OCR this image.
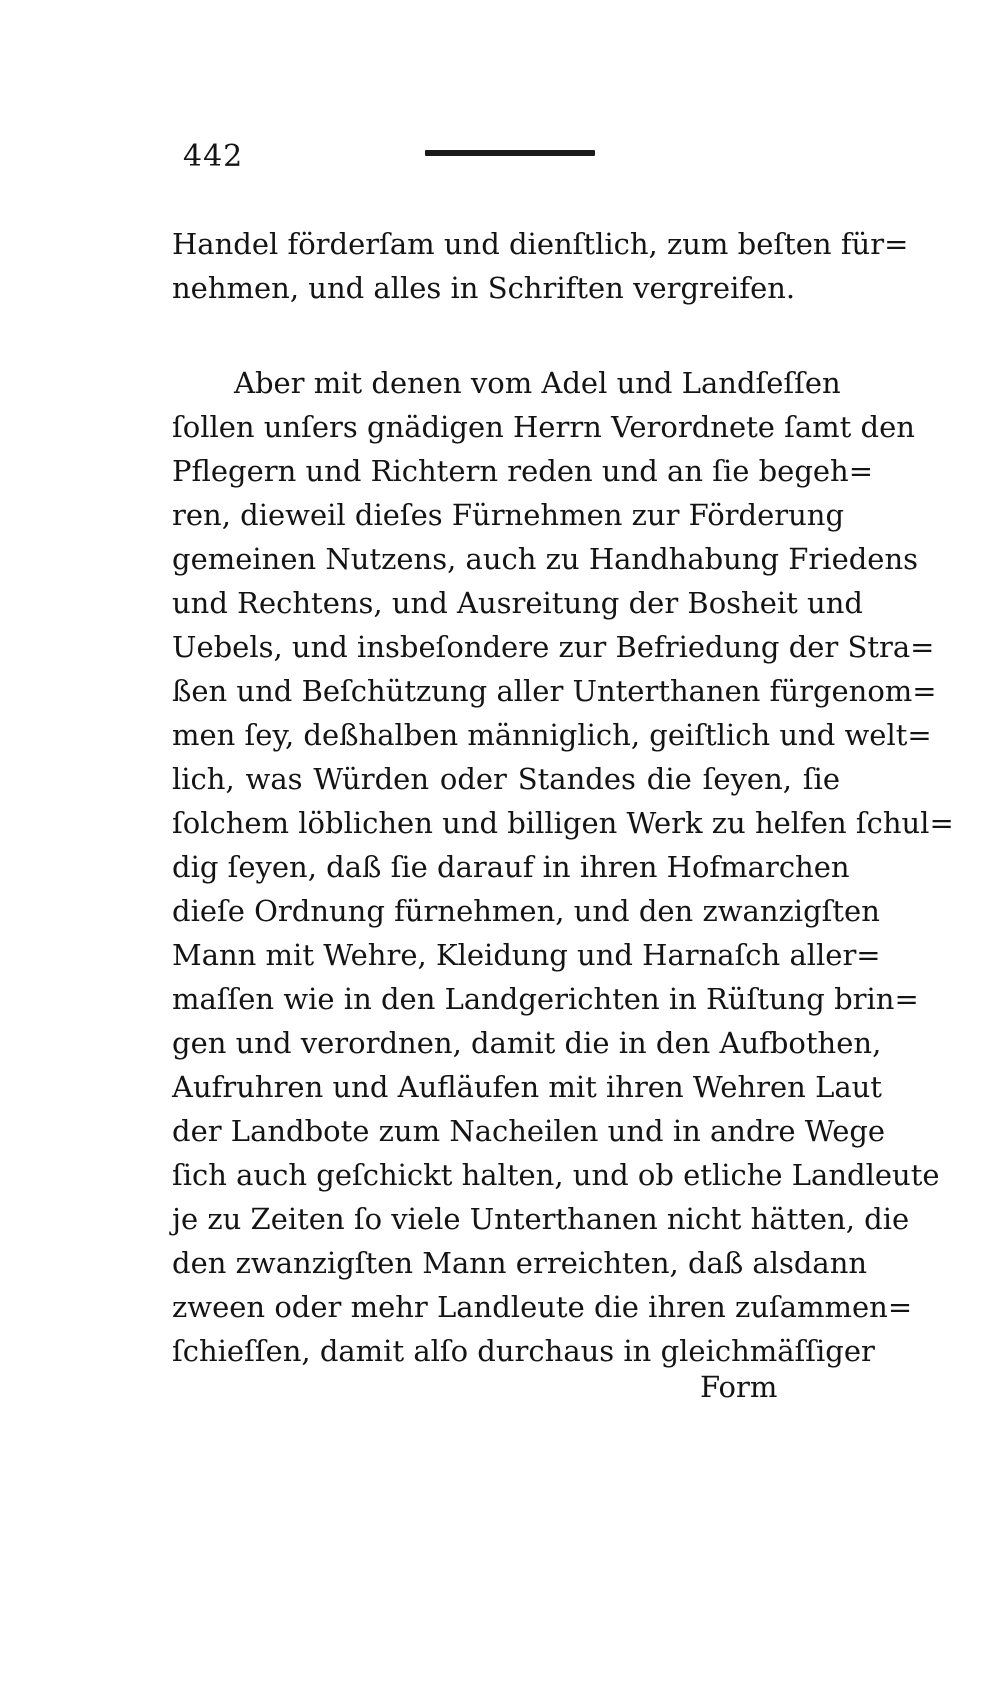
442
Handel förderſam und dienſtlich, zum beſten für=
nehmen, und alles in Schriften vergreifen.
Aber mit denen vom Adel und Landſeſſen
ſollen unſers gnädigen Herrn Verordnete ſamt den
Pflegern und Richtern reden und an ſie begeh=
ren, dieweil dieſes Fürnehmen zur Förderung
gemeinen Nutzens, auch zu Handhabung Friedens
und Rechtens, und Ausreitung der Bosheit und
Uebels, und insbeſondere zur Befriedung der Stra=
ßen und Beſchützung aller Unterthanen fürgenom=
men ſey, deßhalben männiglich, geiſtlich und welt=
lich, was Würden oder Standes die ſeyen, ſie
ſolchem löblichen und billigen Werk zu helfen ſchul=
dig ſeyen, daß ſie darauf in ihren Hofmarchen
dieſe Ordnung fürnehmen, und den zwanzigſten
Mann mit Wehre, Kleidung und Harnaſch aller=
maſſen wie in den Landgerichten in Rüſtung brin=
gen und verordnen, damit die in den Aufbothen,
Aufruhren und Aufläufen mit ihren Wehren Laut
der Landbote zum Nacheilen und in andre Wege
ſich auch geſchickt halten, und ob etliche Landleute
je zu Zeiten ſo viele Unterthanen nicht hätten, die
den zwanzigſten Mann erreichten, daß alsdann
zween oder mehr Landleute die ihren zuſammen=
ſchieſſen, damit alſo durchaus in gleichmäſſiger
Form
